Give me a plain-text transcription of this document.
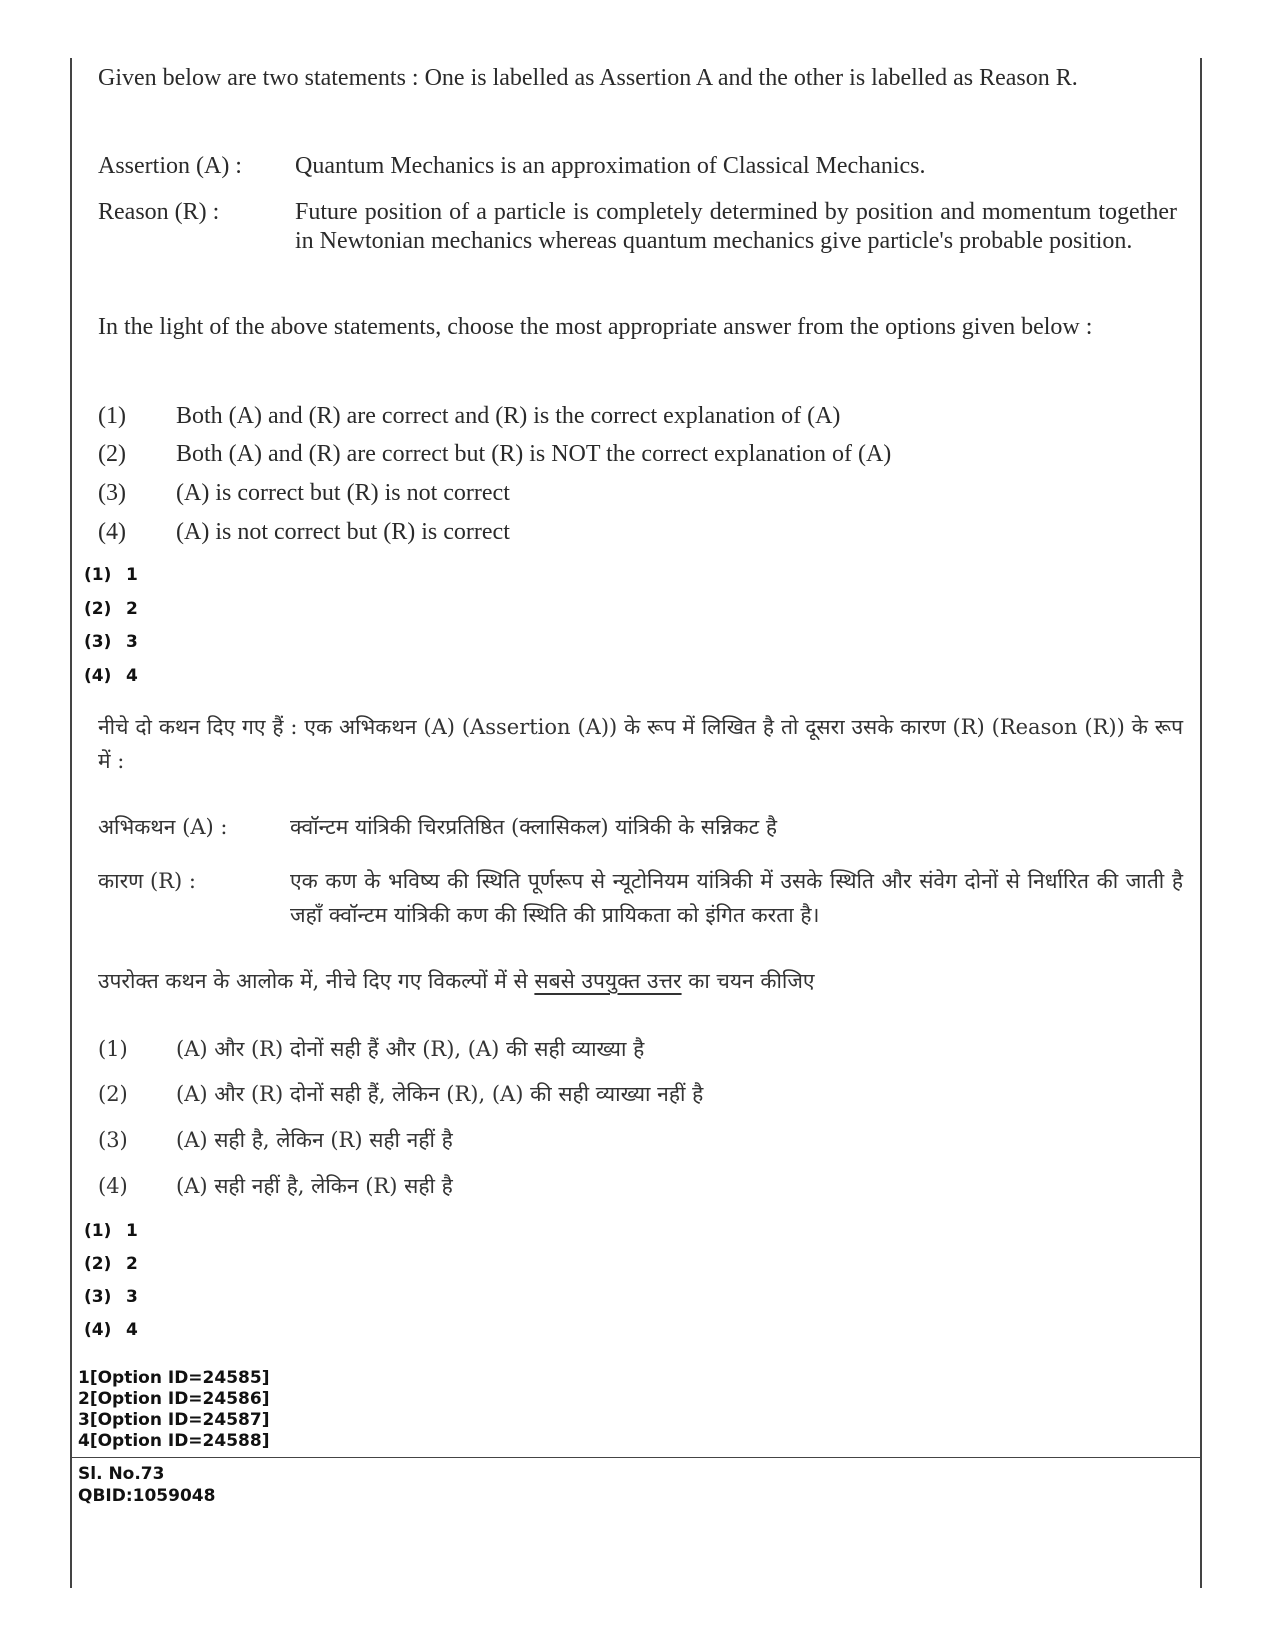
Given below are two statements : One is labelled as Assertion A and the other is labelled as Reason R.
Assertion (A) :	Quantum Mechanics is an approximation of Classical Mechanics.
Reason (R) :	Future position of a particle is completely determined by position and momentum together in Newtonian mechanics whereas quantum mechanics give particle's probable position.
In the light of the above statements, choose the most appropriate answer from the options given below :
(1)	Both (A) and (R) are correct and (R) is the correct explanation of (A)
(2)	Both (A) and (R) are correct but (R) is NOT the correct explanation of (A)
(3)	(A) is correct but (R) is not correct
(4)	(A) is not correct but (R) is correct
(1) 1
(2) 2
(3) 3
(4) 4
नीचे दो कथन दिए गए हैं : एक अभिकथन (A) (Assertion (A)) के रूप में लिखित है तो दूसरा उसके कारण (R) (Reason (R)) के रूप में :
अभिकथन (A) :	क्वॉन्टम यांत्रिकी चिरप्रतिष्ठित (क्लासिकल) यांत्रिकी के सन्निकट है
कारण (R) :	एक कण के भविष्य की स्थिति पूर्णरूप से न्यूटोनियम यांत्रिकी में उसके स्थिति और संवेग दोनों से निर्धारित की जाती है जहाँ क्वॉन्टम यांत्रिकी कण की स्थिति की प्रायिकता को इंगित करता है।
उपरोक्त कथन के आलोक में, नीचे दिए गए विकल्पों में से सबसे उपयुक्त उत्तर का चयन कीजिए
(1)	(A) और (R) दोनों सही हैं और (R), (A) की सही व्याख्या है
(2)	(A) और (R) दोनों सही हैं, लेकिन (R), (A) की सही व्याख्या नहीं है
(3)	(A) सही है, लेकिन (R) सही नहीं है
(4)	(A) सही नहीं है, लेकिन (R) सही है
(1) 1
(2) 2
(3) 3
(4) 4
1[Option ID=24585]
2[Option ID=24586]
3[Option ID=24587]
4[Option ID=24588]
Sl. No.73
QBID:1059048
